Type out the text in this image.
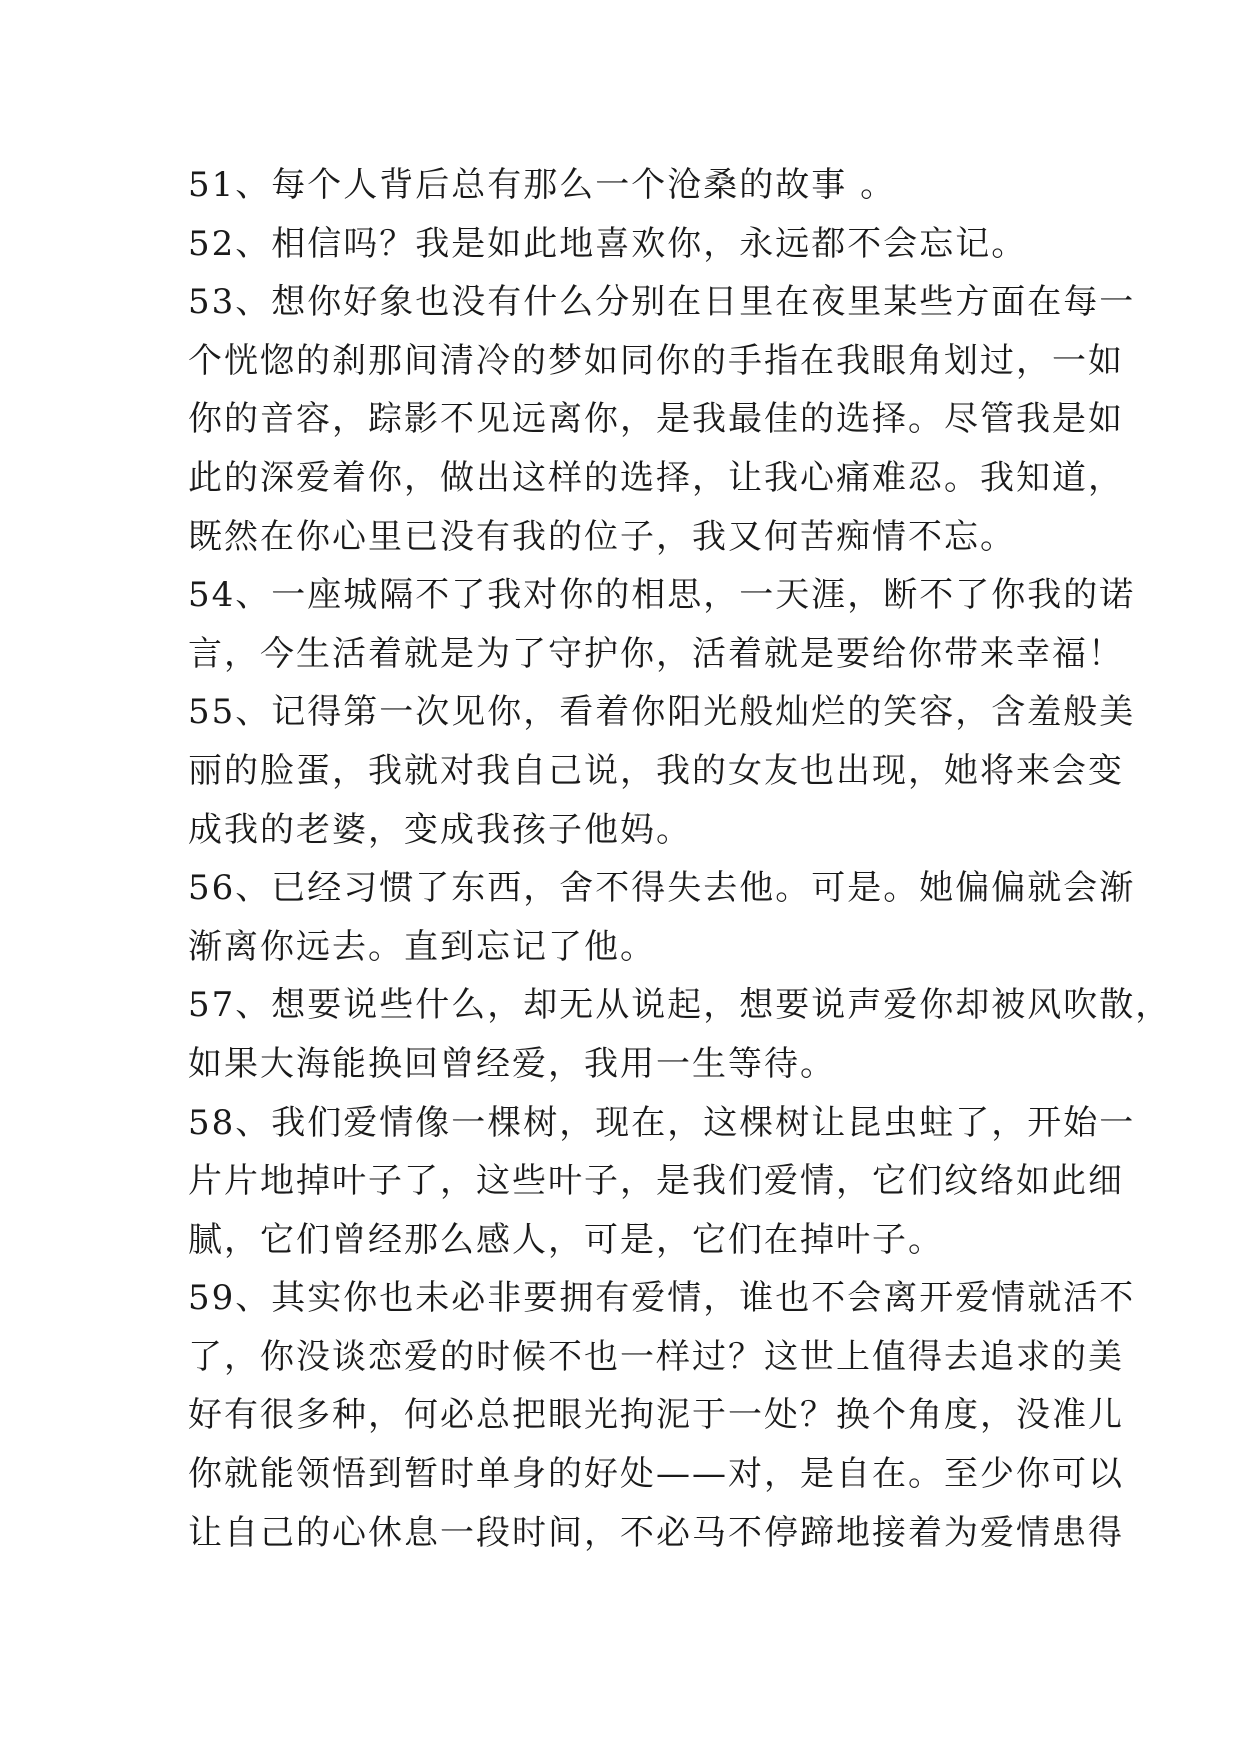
51、每个人背后总有那么一个沧桑的故事 。
52、相信吗？我是如此地喜欢你，永远都不会忘记。
53、想你好象也没有什么分别在日里在夜里某些方面在每一
个恍惚的刹那间清冷的梦如同你的手指在我眼角划过，一如
你的音容，踪影不见远离你，是我最佳的选择。尽管我是如
此的深爱着你，做出这样的选择，让我心痛难忍。我知道，
既然在你心里已没有我的位子，我又何苦痴情不忘。
54、一座城隔不了我对你的相思，一天涯，断不了你我的诺
言，今生活着就是为了守护你，活着就是要给你带来幸福！
55、记得第一次见你，看着你阳光般灿烂的笑容，含羞般美
丽的脸蛋，我就对我自己说，我的女友也出现，她将来会变
成我的老婆，变成我孩子他妈。
56、已经习惯了东西，舍不得失去他。可是。她偏偏就会渐
渐离你远去。直到忘记了他。
57、想要说些什么，却无从说起，想要说声爱你却被风吹散，
如果大海能换回曾经爱，我用一生等待。
58、我们爱情像一棵树，现在，这棵树让昆虫蛀了，开始一
片片地掉叶子了，这些叶子，是我们爱情，它们纹络如此细
腻，它们曾经那么感人，可是，它们在掉叶子。
59、其实你也未必非要拥有爱情，谁也不会离开爱情就活不
了，你没谈恋爱的时候不也一样过？这世上值得去追求的美
好有很多种，何必总把眼光拘泥于一处？换个角度，没准儿
你就能领悟到暂时单身的好处——对，是自在。至少你可以
让自己的心休息一段时间，不必马不停蹄地接着为爱情患得
